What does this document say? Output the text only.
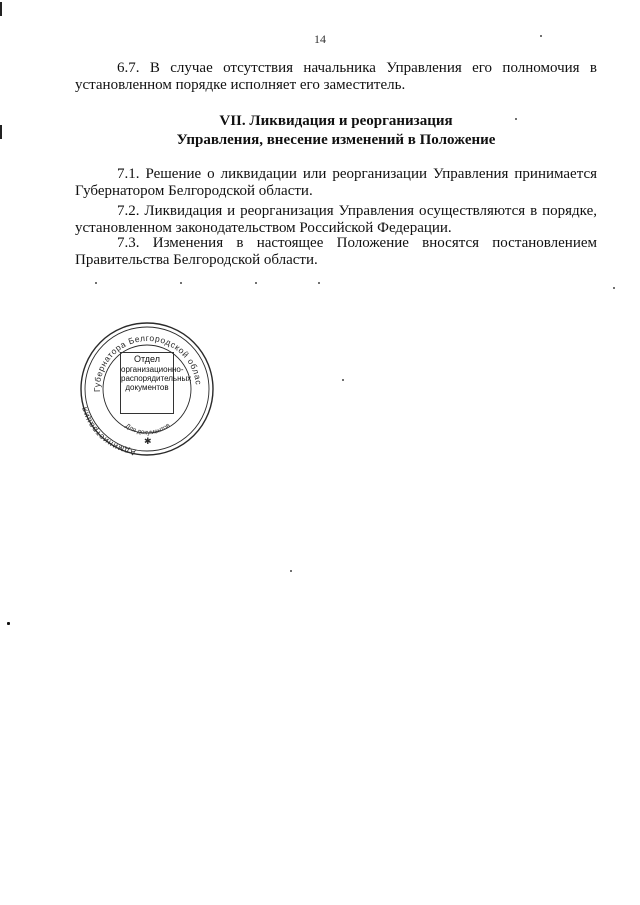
14

6.7. В случае отсутствия начальника Управления его полномочия в установленном порядке исполняет его заместитель.

VII. Ликвидация и реорганизация
Управления, внесение изменений в Положение

7.1. Решение о ликвидации или реорганизации Управления принимается Губернатором Белгородской области.

7.2. Ликвидация и реорганизация Управления осуществляются в порядке, установленном законодательством Российской Федерации.

7.3. Изменения в настоящее Положение вносятся постановлением Правительства Белгородской области.

Губернатора Белгородской облас
Администрация
Для документов
✱
Отдел
организационно-
распорядительных
документов
